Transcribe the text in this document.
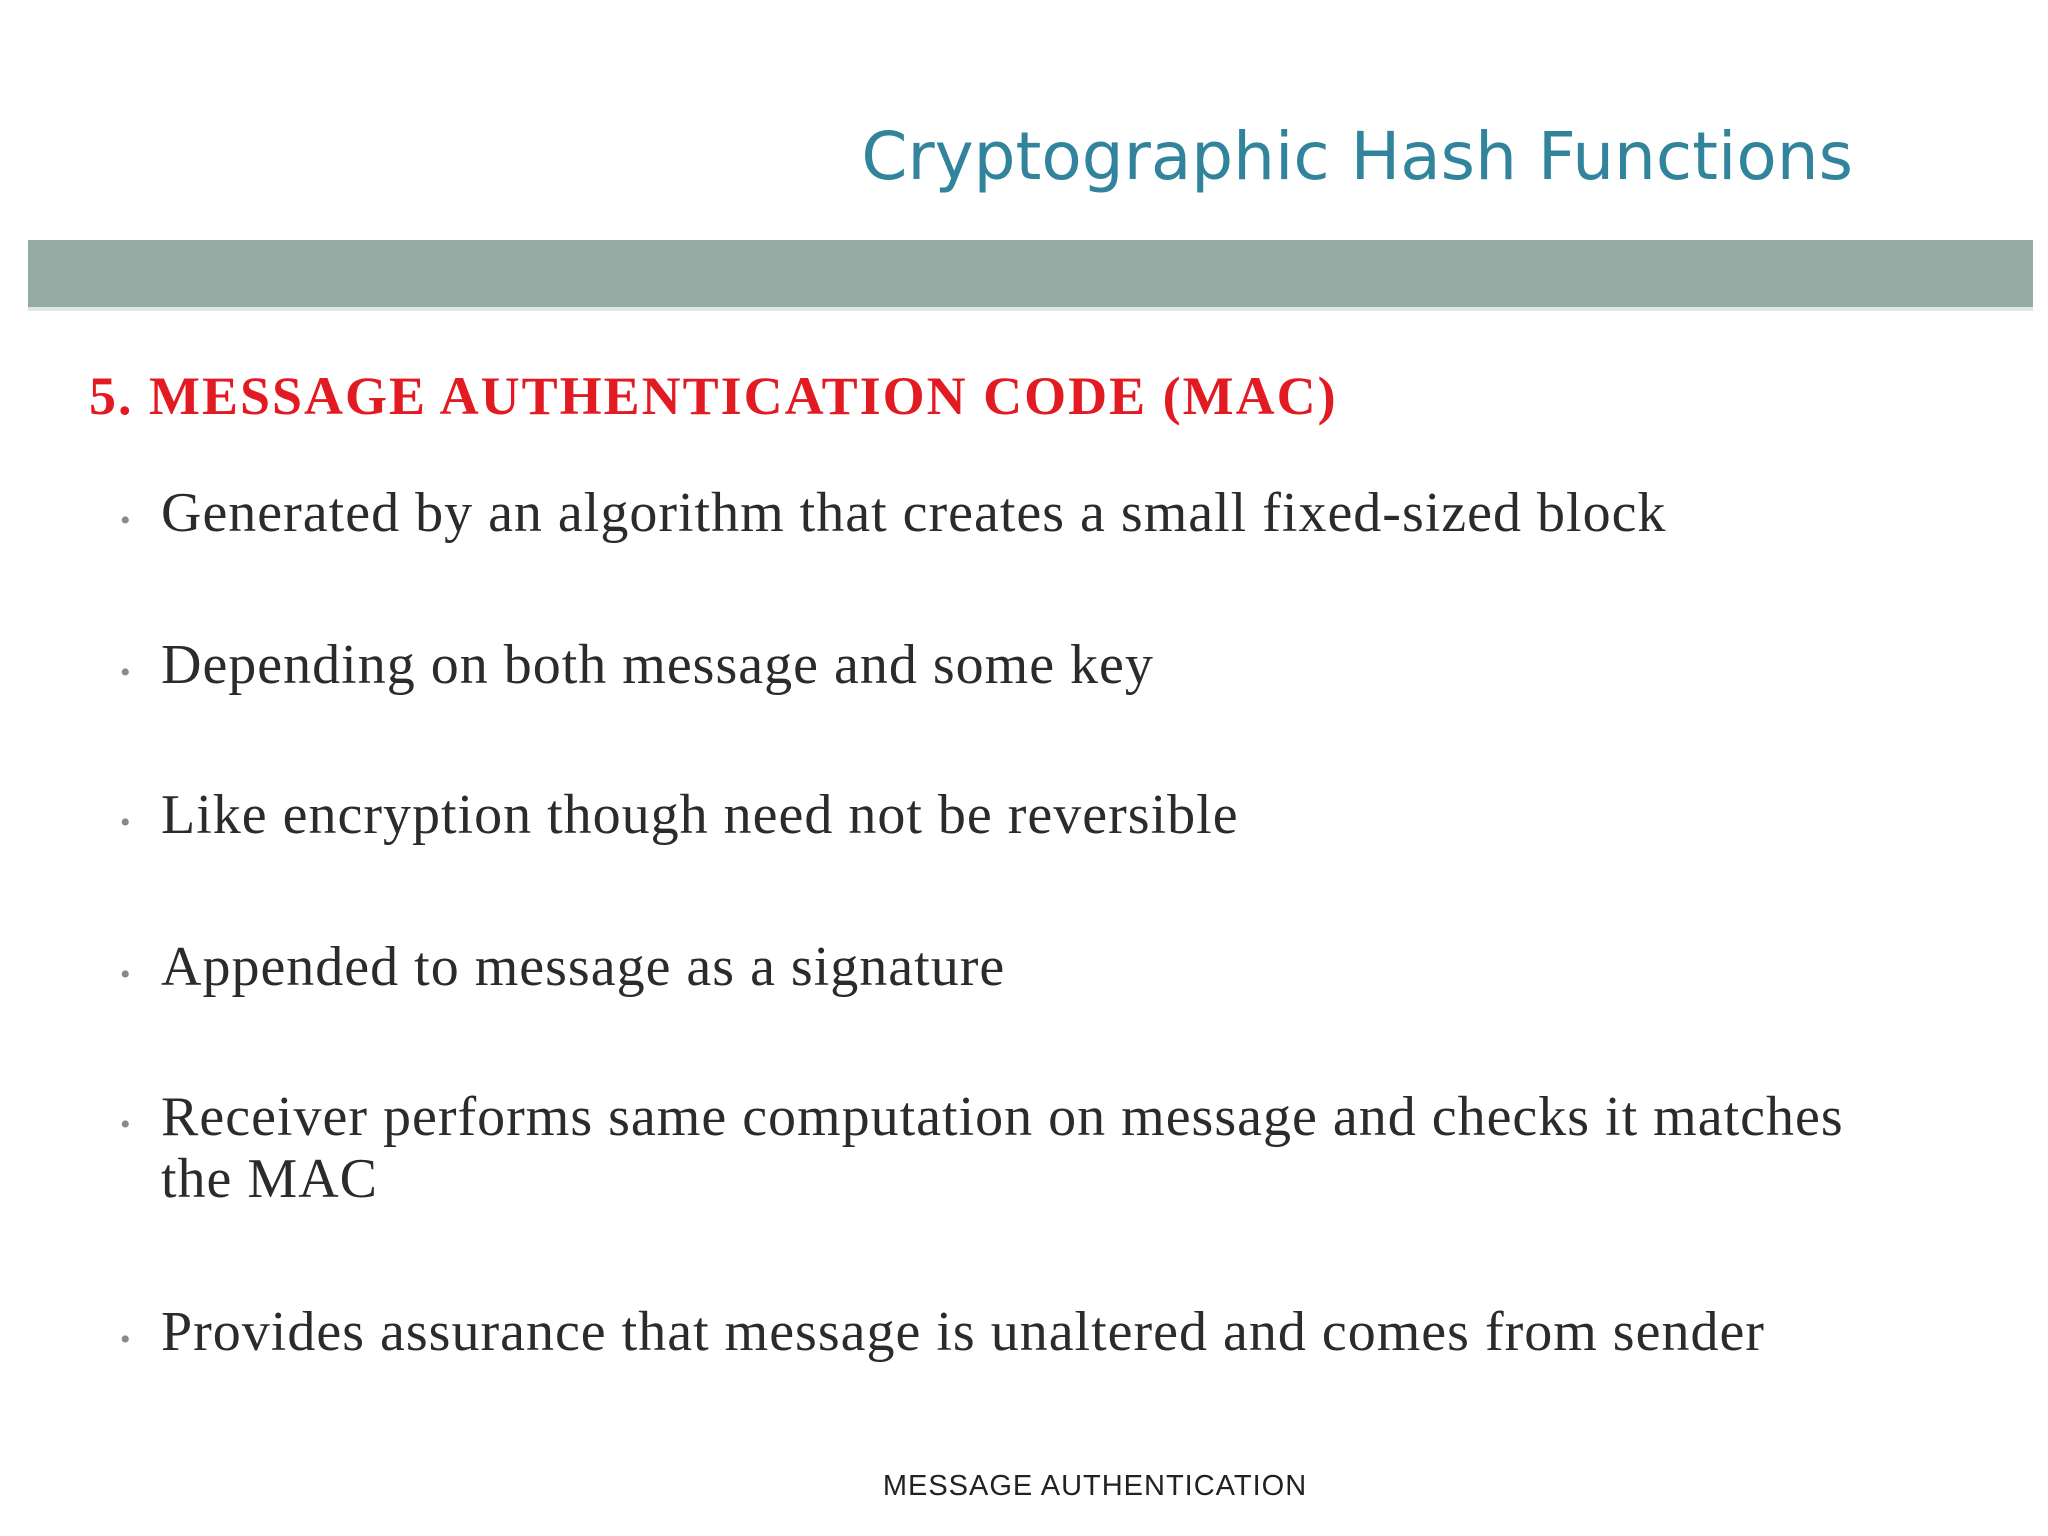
Cryptographic Hash Functions
5. MESSAGE AUTHENTICATION CODE (MAC)
• Generated by an algorithm that creates a small fixed-sized block
• Depending on both message and some key
• Like encryption though need not be reversible
• Appended to message as a signature
• Receiver performs same computation on message and checks it matches the MAC
• Provides assurance that message is unaltered and comes from sender
MESSAGE AUTHENTICATION
